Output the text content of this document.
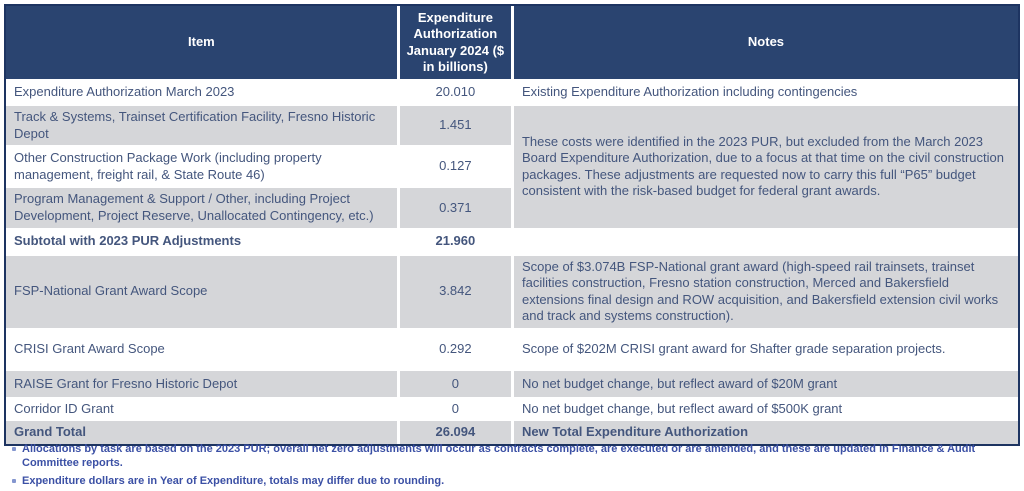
Item	Expenditure Authorization January 2024 ($ in billions)	Notes
Expenditure Authorization March 2023	20.010	Existing Expenditure Authorization including contingencies
Track & Systems, Trainset Certification Facility, Fresno Historic Depot	1.451	These costs were identified in the 2023 PUR, but excluded from the March 2023 Board Expenditure Authorization, due to a focus at that time on the civil construction packages. These adjustments are requested now to carry this full “P65” budget consistent with the risk-based budget for federal grant awards.
Other Construction Package Work (including property management, freight rail, & State Route 46)	0.127	
Program Management & Support / Other, including Project Development, Project Reserve, Unallocated Contingency, etc.)	0.371	
Subtotal with 2023 PUR Adjustments	21.960	
FSP-National Grant Award Scope	3.842	Scope of $3.074B FSP-National grant award (high-speed rail trainsets, trainset facilities construction, Fresno station construction, Merced and Bakersfield extensions final design and ROW acquisition, and Bakersfield extension civil works and track and systems construction).
CRISI Grant Award Scope	0.292	Scope of $202M CRISI grant award for Shafter grade separation projects.
RAISE Grant for Fresno Historic Depot	0	No net budget change, but reflect award of $20M grant
Corridor ID Grant	0	No net budget change, but reflect award of $500K grant
Grand Total	26.094	New Total Expenditure Authorization
Allocations by task are based on the 2023 PUR; overall net zero adjustments will occur as contracts complete, are executed or are amended, and these are updated in Finance & Audit Committee reports.
Expenditure dollars are in Year of Expenditure, totals may differ due to rounding.
